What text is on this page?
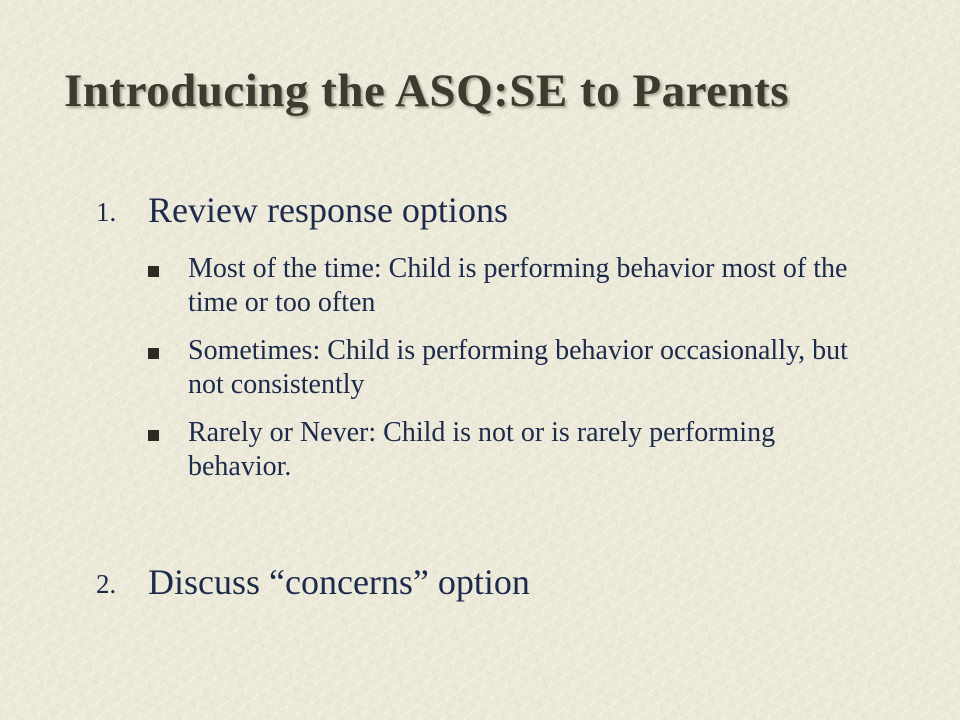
Introducing the ASQ:SE to Parents
1. Review response options
Most of the time: Child is performing behavior most of the time or too often
Sometimes: Child is performing behavior occasionally, but not consistently
Rarely or Never: Child is not or is rarely performing behavior.
2. Discuss “concerns” option
